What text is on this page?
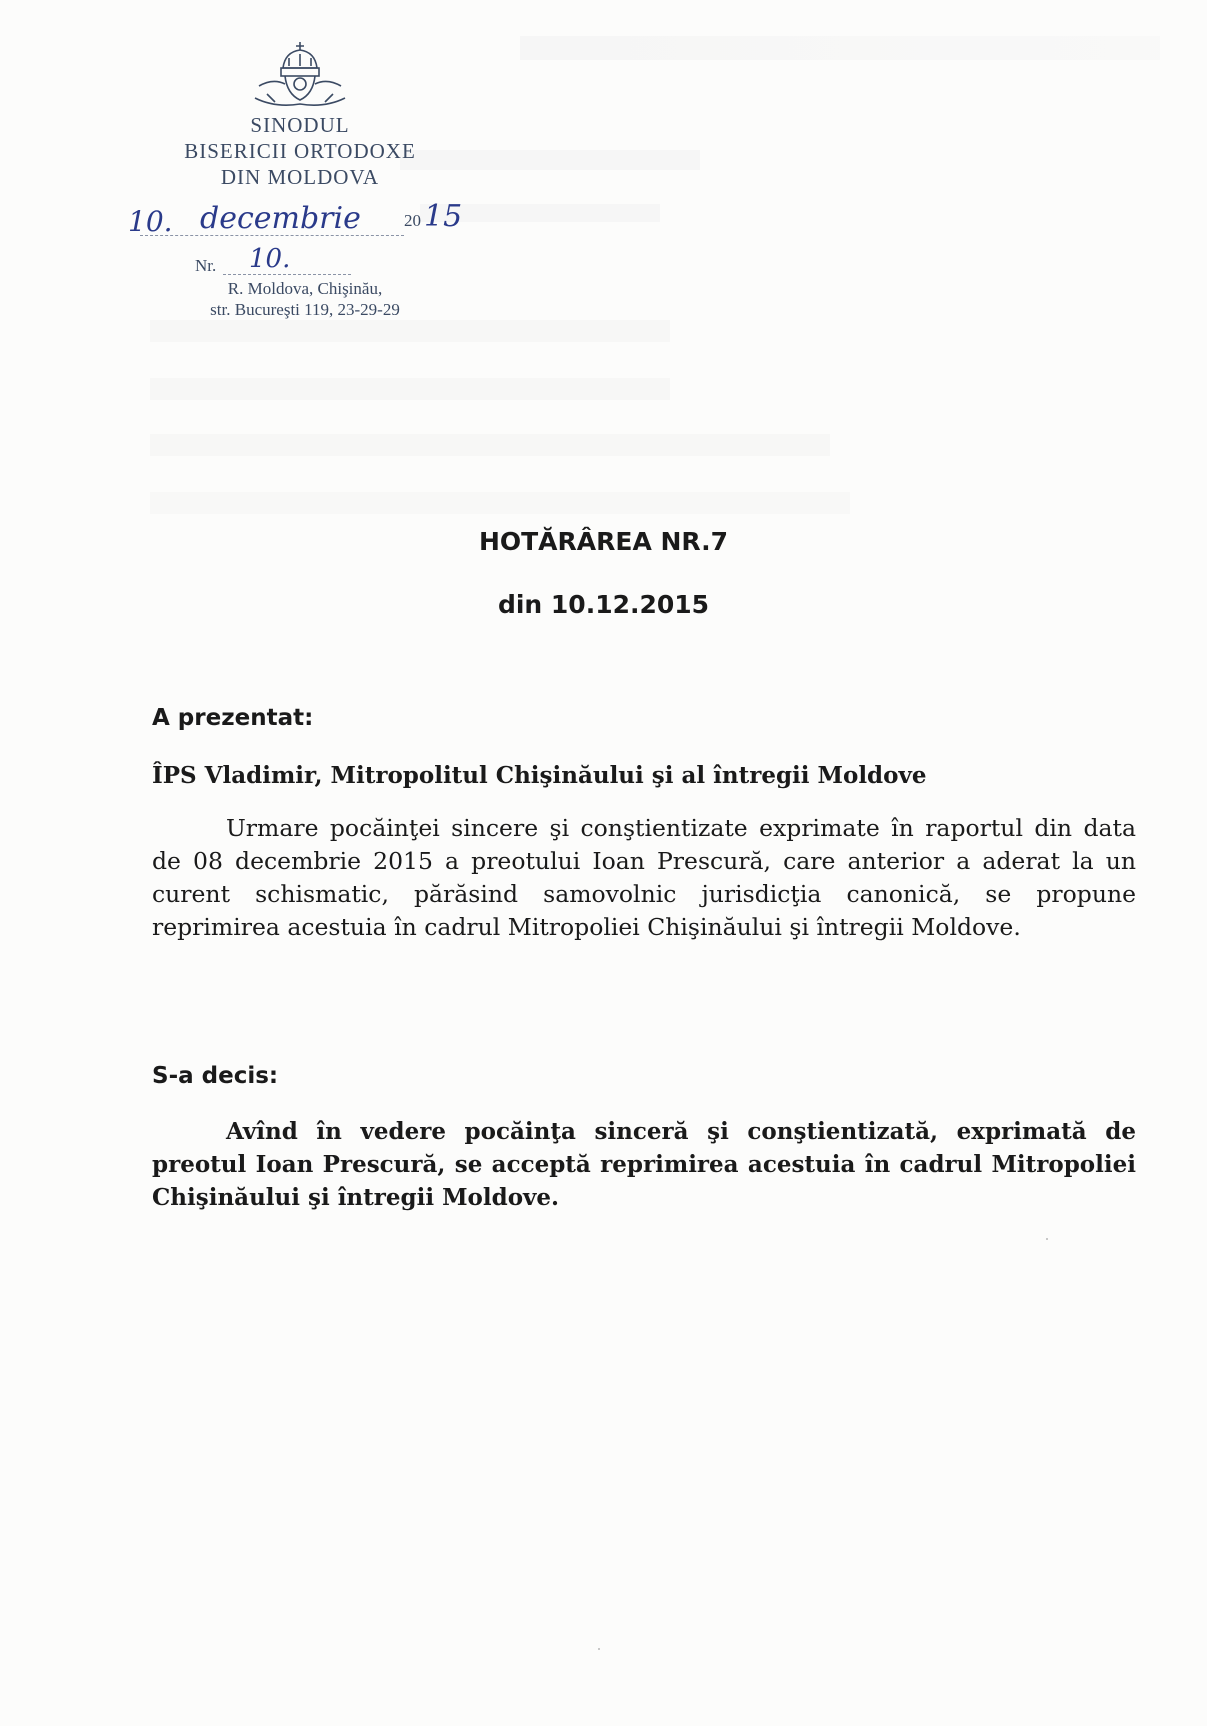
SINODUL
BISERICII ORTODOXE
DIN MOLDOVA
10. decembrie	20 15
Nr. 10.
R. Moldova, Chişinău,
str. Bucureşti 119, 23-29-29
HOTĂRÂREA NR.7
din 10.12.2015
A prezentat:
ÎPS Vladimir, Mitropolitul Chişinăului şi al întregii Moldove
Urmare pocăinţei sincere şi conştientizate exprimate în raportul din data de 08 decembrie 2015 a preotului Ioan Prescură, care anterior a aderat la un curent schismatic, părăsind samovolnic jurisdicţia canonică, se propune reprimirea acestuia în cadrul Mitropoliei Chişinăului şi întregii Moldove.
S-a decis:
Avînd în vedere pocăinţa sinceră şi conştientizată, exprimată de preotul Ioan Prescură, se acceptă reprimirea acestuia în cadrul Mitropoliei Chişinăului şi întregii Moldove.
